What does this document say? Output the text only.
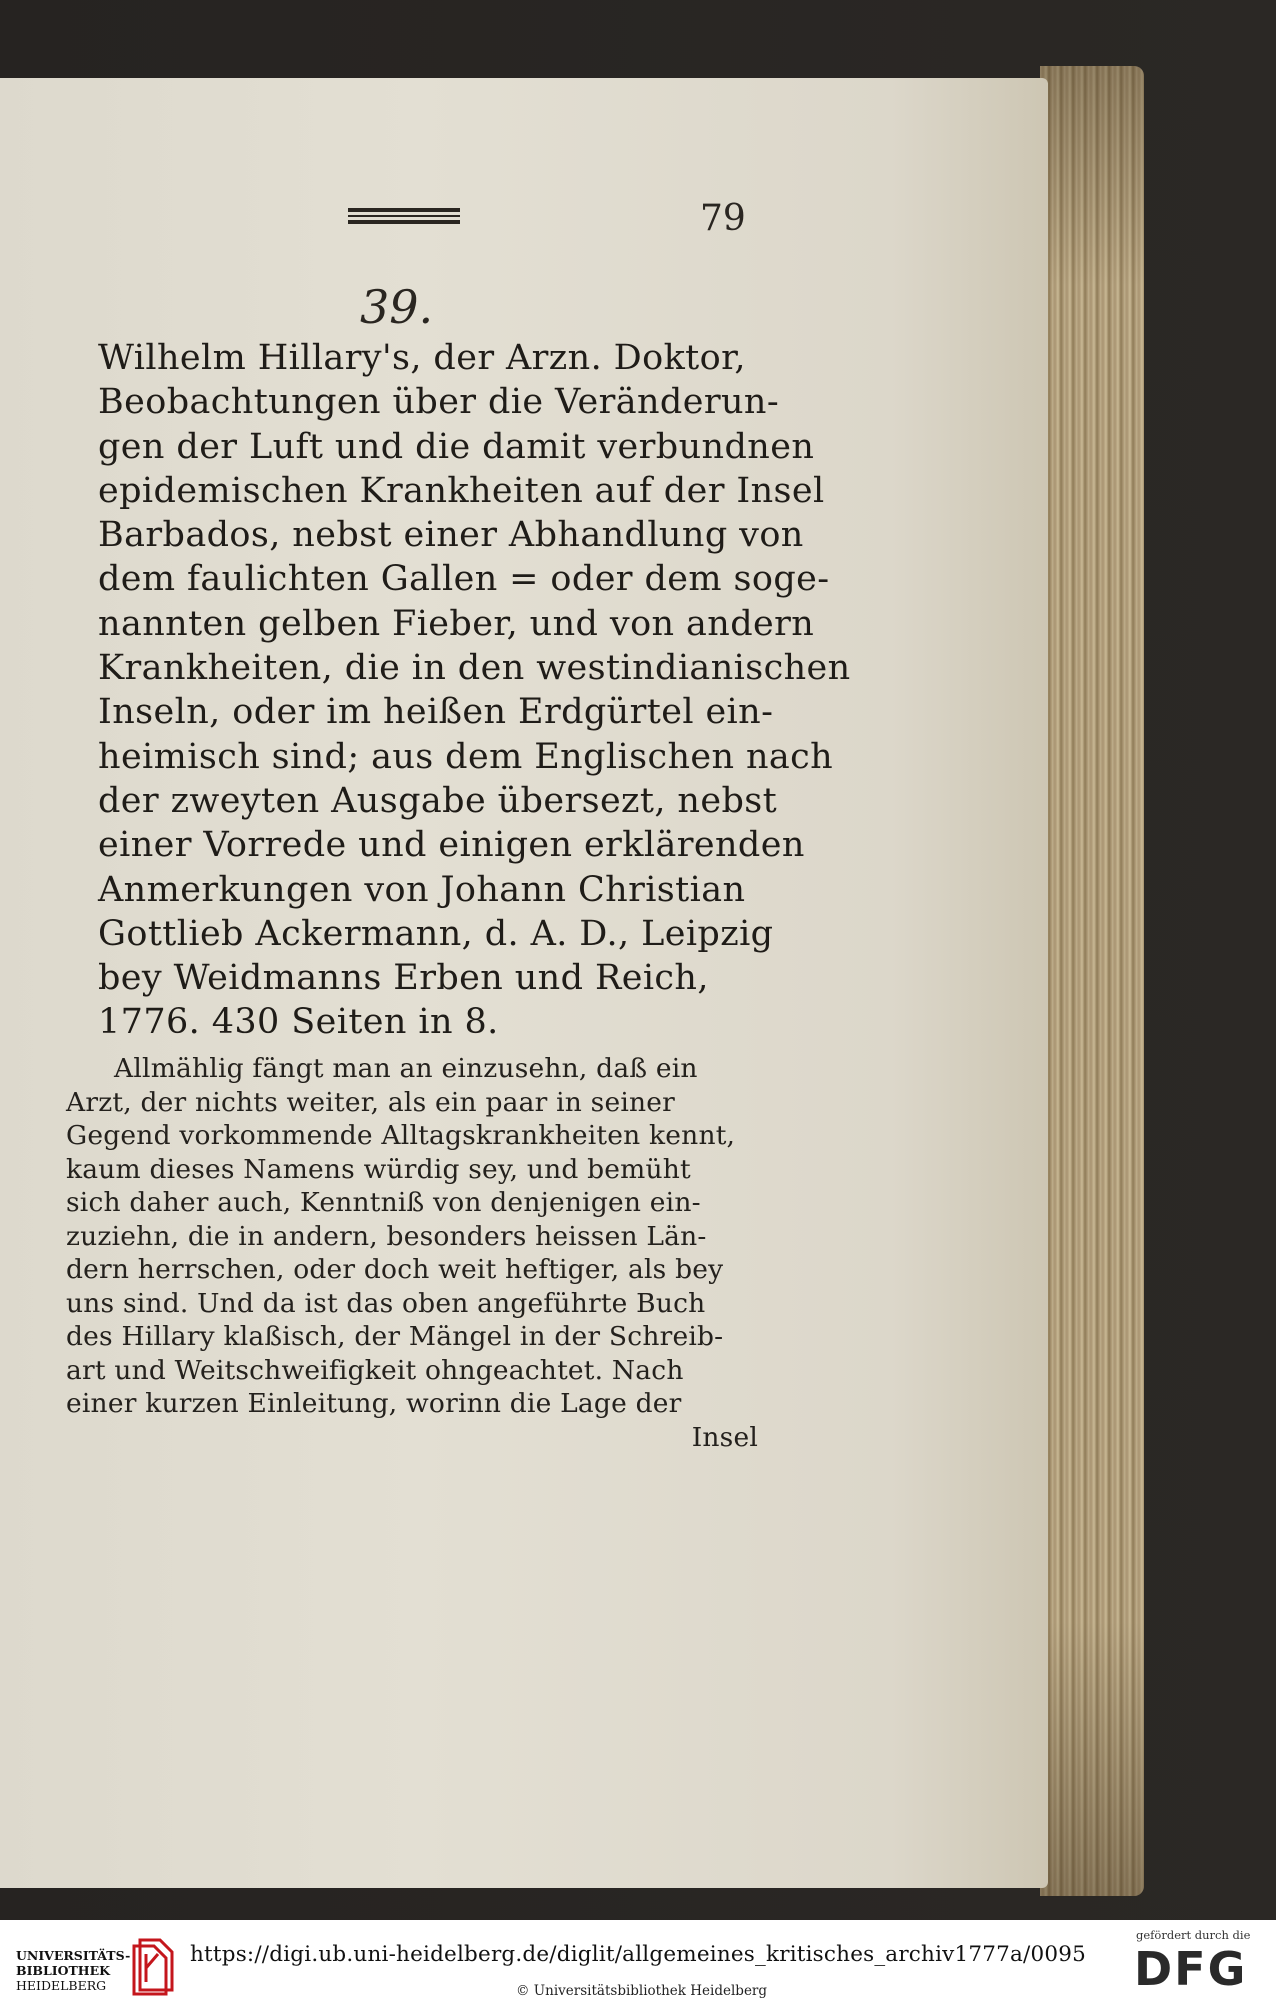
79
39.
Wilhelm Hillary's, der Arzn. Doktor,
Beobachtungen über die Veränderun-
gen der Luft und die damit verbundnen
epidemischen Krankheiten auf der Insel
Barbados, nebst einer Abhandlung von
dem faulichten Gallen = oder dem soge-
nannten gelben Fieber, und von andern
Krankheiten, die in den westindianischen
Inseln, oder im heißen Erdgürtel ein-
heimisch sind; aus dem Englischen nach
der zweyten Ausgabe übersezt, nebst
einer Vorrede und einigen erklärenden
Anmerkungen von Johann Christian
Gottlieb Ackermann, d. A. D., Leipzig
bey Weidmanns Erben und Reich,
1776. 430 Seiten in 8.
Allmählig fängt man an einzusehn, daß ein
Arzt, der nichts weiter, als ein paar in seiner
Gegend vorkommende Alltagskrankheiten kennt,
kaum dieses Namens würdig sey, und bemüht
sich daher auch, Kenntniß von denjenigen ein-
zuziehn, die in andern, besonders heissen Län-
dern herrschen, oder doch weit heftiger, als bey
uns sind. Und da ist das oben angeführte Buch
des Hillary klaßisch, der Mängel in der Schreib-
art und Weitschweifigkeit ohngeachtet. Nach
einer kurzen Einleitung, worinn die Lage der
Insel
UNIVERSITÄTS-
BIBLIOTHEK
HEIDELBERG
https://digi.ub.uni-heidelberg.de/diglit/allgemeines_kritisches_archiv1777a/0095
© Universitätsbibliothek Heidelberg
gefördert durch die
DFG
